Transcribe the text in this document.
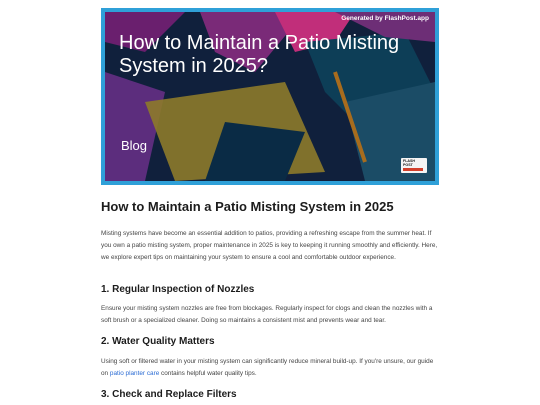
Generated by FlashPost.app
How to Maintain a Patio Misting System in 2025?
Blog
FLASH
POST
How to Maintain a Patio Misting System in 2025

Misting systems have become an essential addition to patios, providing a refreshing escape from the summer heat. If you own a patio misting system, proper maintenance in 2025 is key to keeping it running smoothly and efficiently. Here, we explore expert tips on maintaining your system to ensure a cool and comfortable outdoor experience.

1. Regular Inspection of Nozzles

Ensure your misting system nozzles are free from blockages. Regularly inspect for clogs and clean the nozzles with a soft brush or a specialized cleaner. Doing so maintains a consistent mist and prevents wear and tear.

2. Water Quality Matters

Using soft or filtered water in your misting system can significantly reduce mineral build-up. If you're unsure, our guide on patio planter care contains helpful water quality tips.

3. Check and Replace Filters
